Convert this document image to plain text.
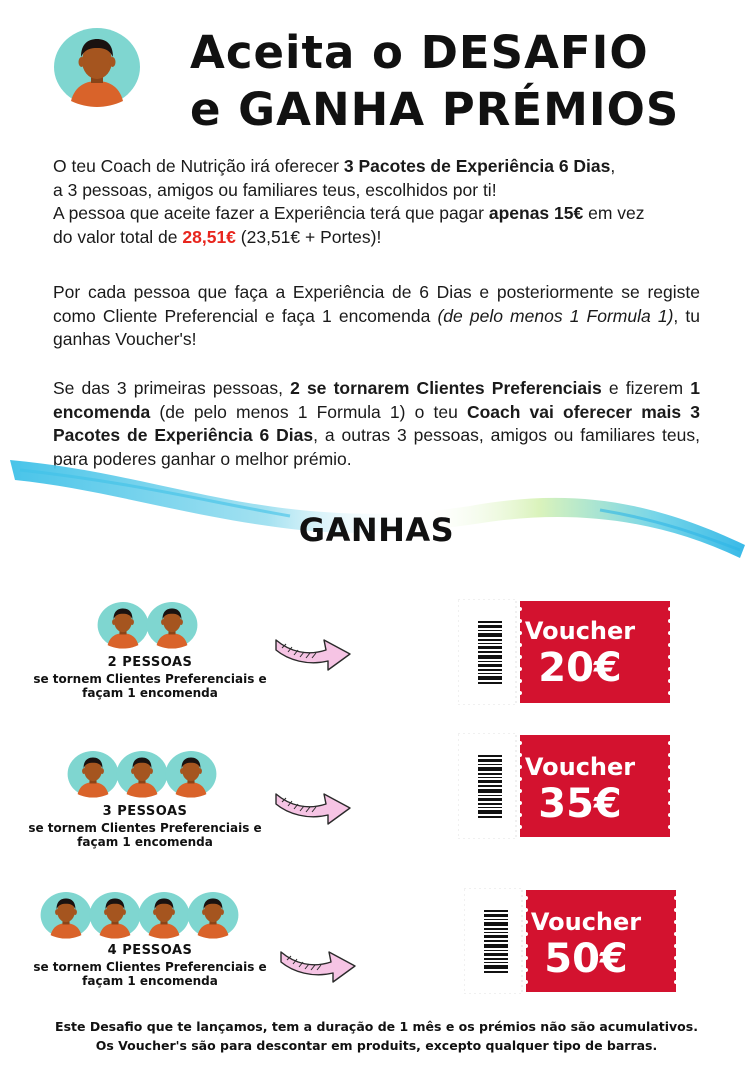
Aceita o DESAFIO
e GANHA PRÉMIOS
O teu Coach de Nutrição irá oferecer 3 Pacotes de Experiência 6 Dias,
a 3 pessoas, amigos ou familiares teus, escolhidos por ti!
A pessoa que aceite fazer a Experiência terá que pagar apenas 15€ em vez
do valor total de 28,51€ (23,51€ + Portes)!
Por cada pessoa que faça a Experiência de 6 Dias e posteriormente se registe como Cliente Preferencial e faça 1 encomenda (de pelo menos 1 Formula 1), tu ganhas Voucher's!
Se das 3 primeiras pessoas, 2 se tornarem Clientes Preferenciais e fizerem 1 encomenda (de pelo menos 1 Formula 1) o teu Coach vai oferecer mais 3 Pacotes de Experiência 6 Dias, a outras 3 pessoas, amigos ou familiares teus, para poderes ganhar o melhor prémio.
GANHAS
2 PESSOAS
se tornem Clientes Preferenciais e
façam 1 encomenda
Voucher
20€
3 PESSOAS
se tornem Clientes Preferenciais e
façam 1 encomenda
Voucher
35€
4 PESSOAS
se tornem Clientes Preferenciais e
façam 1 encomenda
Voucher
50€
Este Desafio que te lançamos, tem a duração de 1 mês e os prémios não são acumulativos.
Os Voucher's são para descontar em produits, excepto qualquer tipo de barras.
